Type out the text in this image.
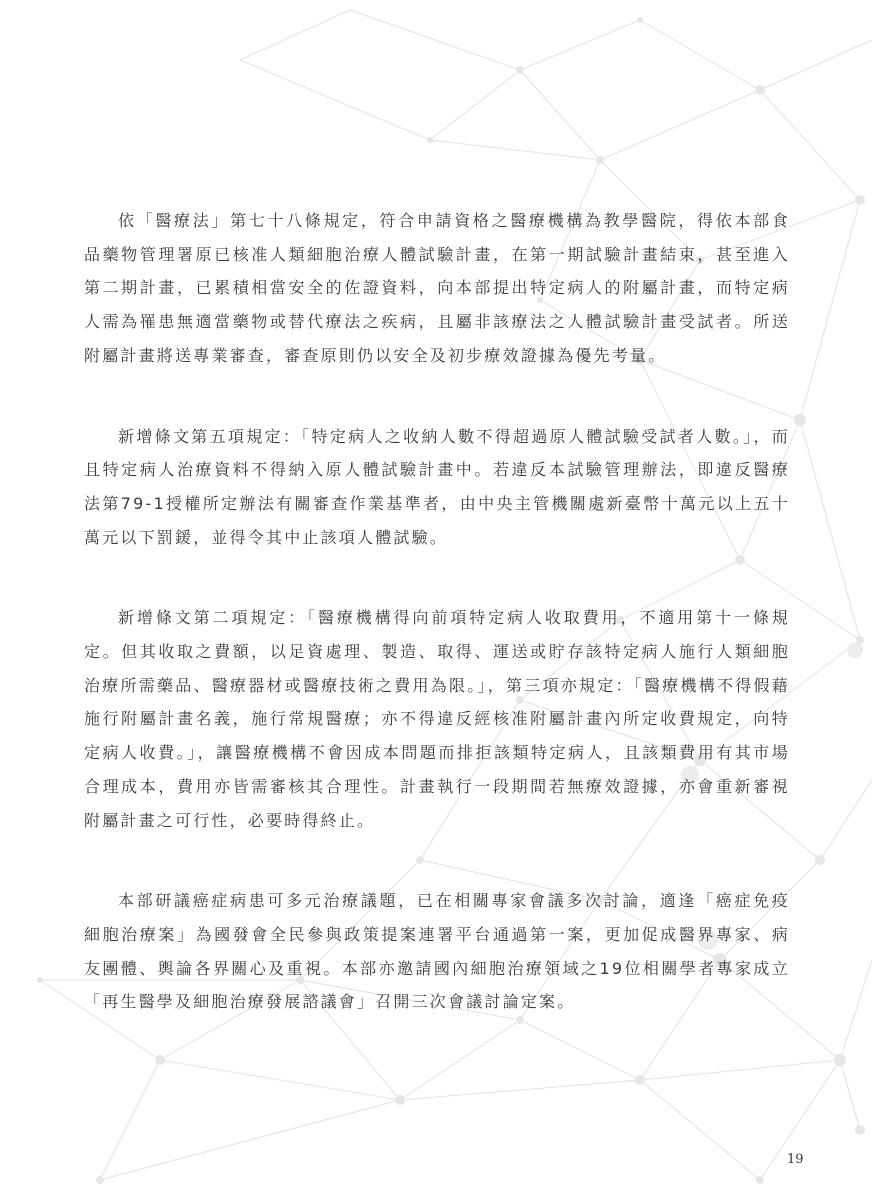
依「醫療法」第七十八條規定，符合申請資格之醫療機構為教學醫院，得依本部食品藥物管理署原已核准人類細胞治療人體試驗計畫，在第一期試驗計畫結束，甚至進入第二期計畫，已累積相當安全的佐證資料，向本部提出特定病人的附屬計畫，而特定病人需為罹患無適當藥物或替代療法之疾病，且屬非該療法之人體試驗計畫受試者。所送附屬計畫將送專業審查，審查原則仍以安全及初步療效證據為優先考量。

新增條文第五項規定：「特定病人之收納人數不得超過原人體試驗受試者人數。」，而且特定病人治療資料不得納入原人體試驗計畫中。若違反本試驗管理辦法，即違反醫療法第79-1授權所定辦法有關審查作業基準者，由中央主管機關處新臺幣十萬元以上五十萬元以下罰鍰，並得令其中止該項人體試驗。

新增條文第二項規定：「醫療機構得向前項特定病人收取費用，不適用第十一條規定。但其收取之費額，以足資處理、製造、取得、運送或貯存該特定病人施行人類細胞治療所需藥品、醫療器材或醫療技術之費用為限。」，第三項亦規定：「醫療機構不得假藉施行附屬計畫名義，施行常規醫療；亦不得違反經核准附屬計畫內所定收費規定，向特定病人收費。」，讓醫療機構不會因成本問題而排拒該類特定病人，且該類費用有其市場合理成本，費用亦皆需審核其合理性。計畫執行一段期間若無療效證據，亦會重新審視附屬計畫之可行性，必要時得終止。

本部研議癌症病患可多元治療議題，已在相關專家會議多次討論，適逢「癌症免疫細胞治療案」為國發會全民參與政策提案連署平台通過第一案，更加促成醫界專家、病友團體、輿論各界關心及重視。本部亦邀請國內細胞治療領域之19位相關學者專家成立「再生醫學及細胞治療發展諮議會」召開三次會議討論定案。

19
